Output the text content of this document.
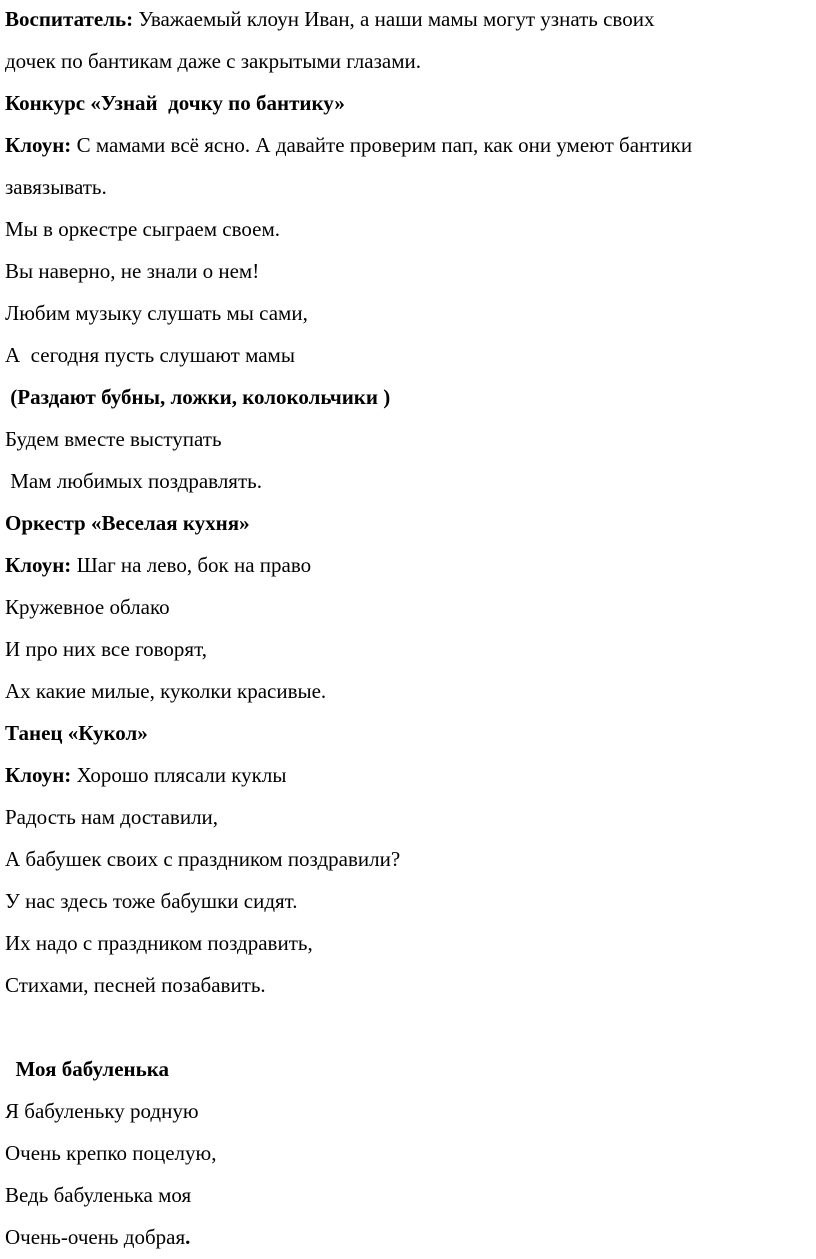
Воспитатель: Уважаемый клоун Иван, а наши мамы могут узнать своих
дочек по бантикам даже с закрытыми глазами.
Конкурс «Узнай  дочку по бантику»
Клоун: С мамами всё ясно. А давайте проверим пап, как они умеют бантики
завязывать.
Мы в оркестре сыграем своем.
Вы наверно, не знали о нем!
Любим музыку слушать мы сами,
А  сегодня пусть слушают мамы
(Раздают бубны, ложки, колокольчики )
Будем вместе выступать
Мам любимых поздравлять.
Оркестр «Веселая кухня»
Клоун: Шаг на лево, бок на право
Кружевное облако
И про них все говорят,
Ах какие милые, куколки красивые.
Танец «Кукол»
Клоун: Хорошо плясали куклы
Радость нам доставили,
А бабушек своих с праздником поздравили?
У нас здесь тоже бабушки сидят.
Их надо с праздником поздравить,
Стихами, песней позабавить.
Моя бабуленька
Я бабуленьку родную
Очень крепко поцелую,
Ведь бабуленька моя
Очень-очень добрая.
